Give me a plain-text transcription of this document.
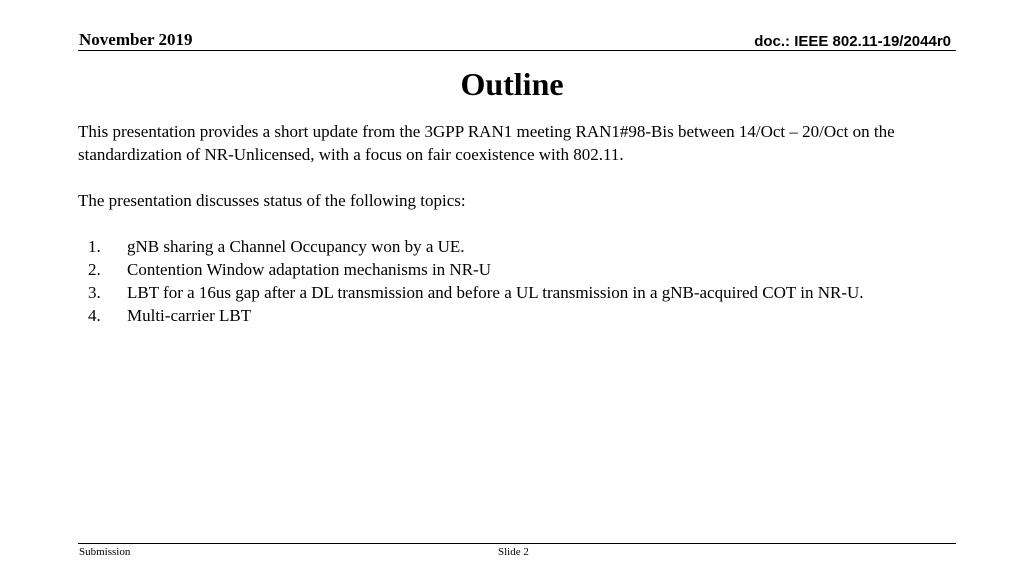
November 2019	doc.: IEEE 802.11-19/2044r0
Outline

This presentation provides a short update from the 3GPP RAN1 meeting RAN1#98-Bis between 14/Oct – 20/Oct on the standardization of NR-Unlicensed, with a focus on fair coexistence with 802.11.

The presentation discusses status of the following topics:

1.	gNB sharing a Channel Occupancy won by a UE.
2.	Contention Window adaptation mechanisms in NR-U
3.	LBT for a 16us gap after a DL transmission and before a UL transmission in a gNB-acquired COT in NR-U.
4.	Multi-carrier LBT
Submission	Slide 2
